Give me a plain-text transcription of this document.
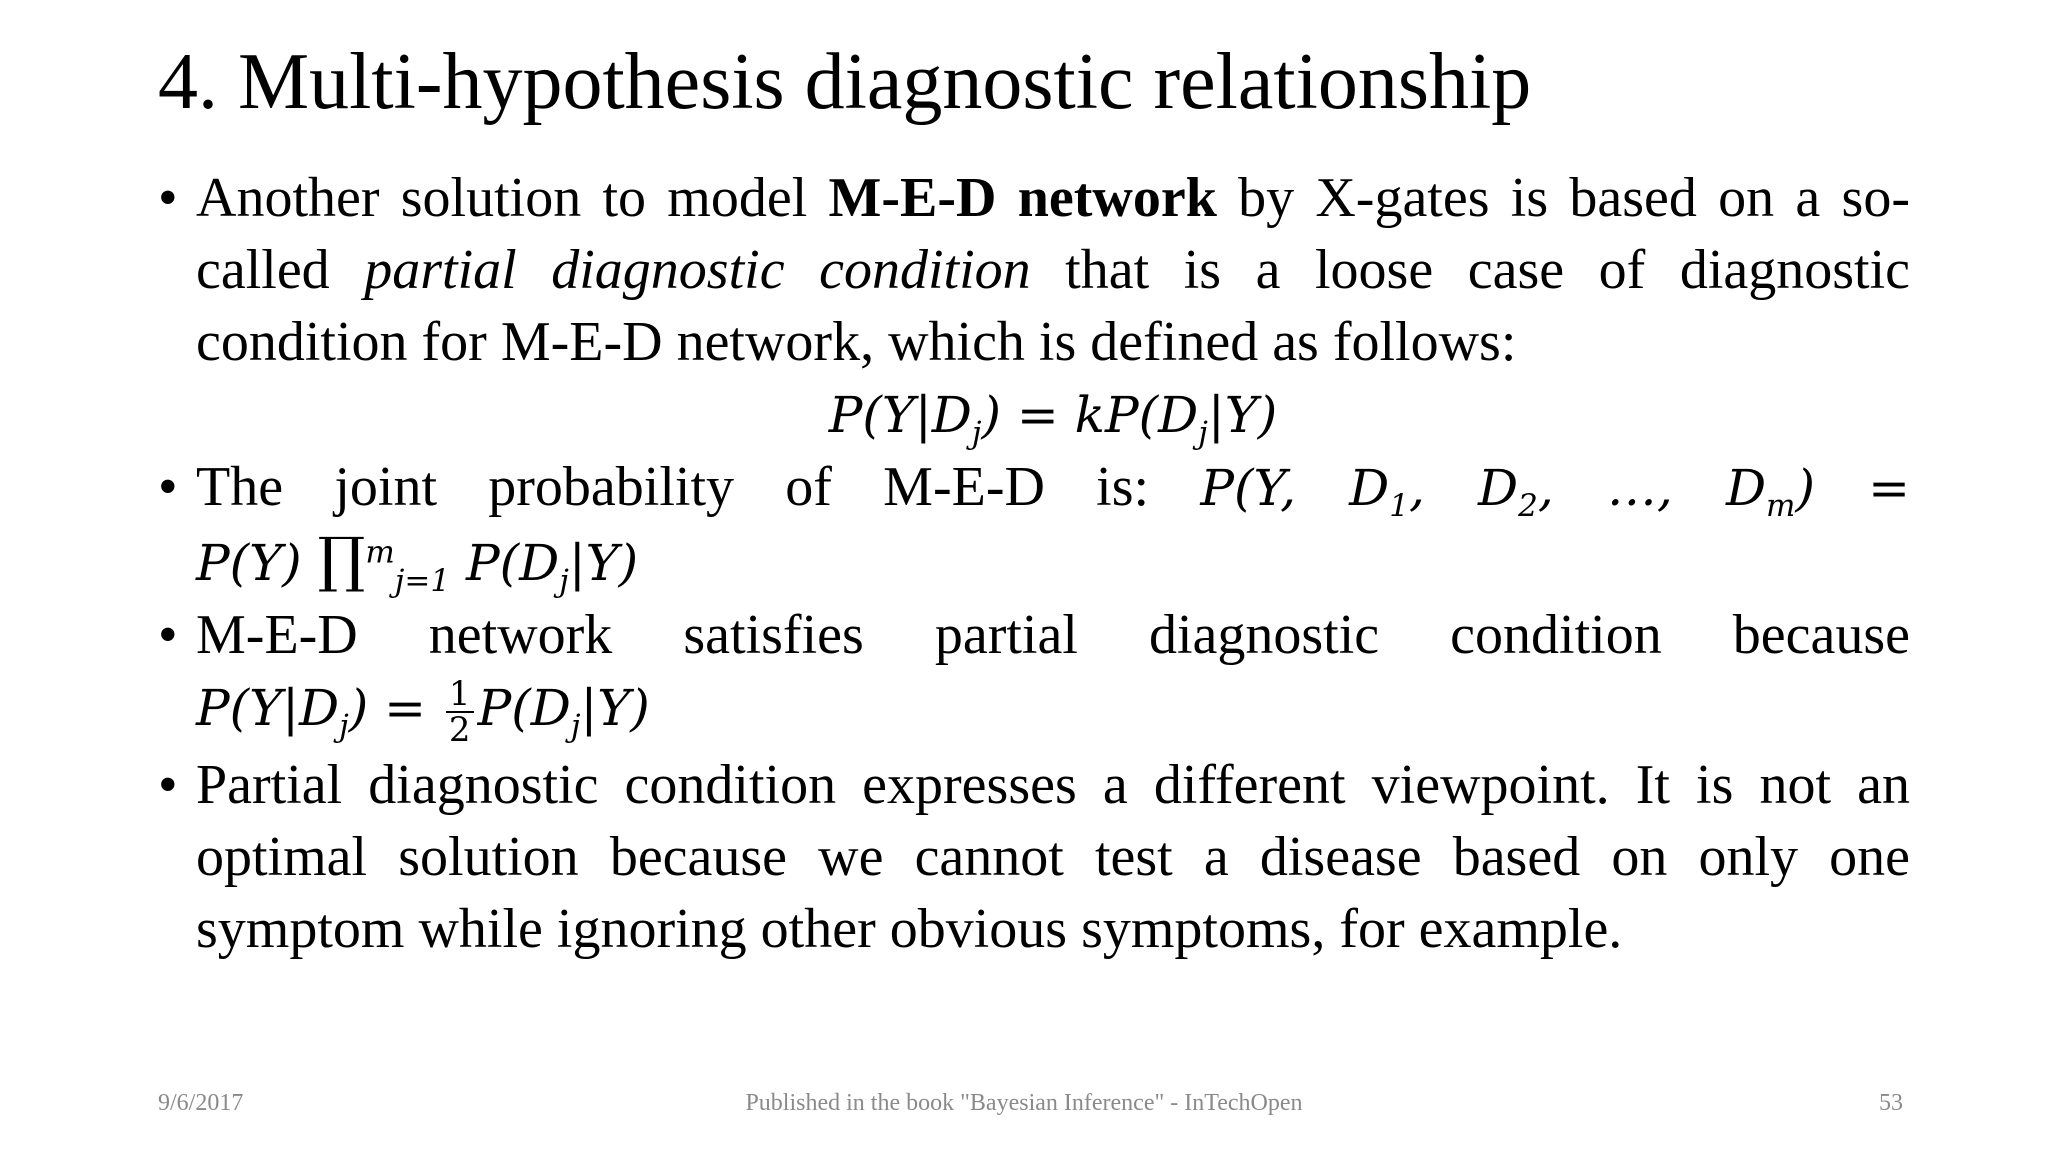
4. Multi-hypothesis diagnostic relationship
• Another solution to model M-E-D network by X-gates is based on a so-called partial diagnostic condition that is a loose case of diagnostic condition for M-E-D network, which is defined as follows:
$P(Y|D_j) = kP(D_j|Y)$
• The joint probability of M-E-D is: P(Y, $D_1$, $D_2$, …, $D_m$) =
P(Y) ∏$^m_{j=1}$ $P(D_j|Y)$
• M-E-D network satisfies partial diagnostic condition because
$P(Y|D_j) = \frac{1}{2} P(D_j|Y)$
• Partial diagnostic condition expresses a different viewpoint. It is not an optimal solution because we cannot test a disease based on only one symptom while ignoring other obvious symptoms, for example.
9/6/2017	Published in the book "Bayesian Inference" - InTechOpen	53
